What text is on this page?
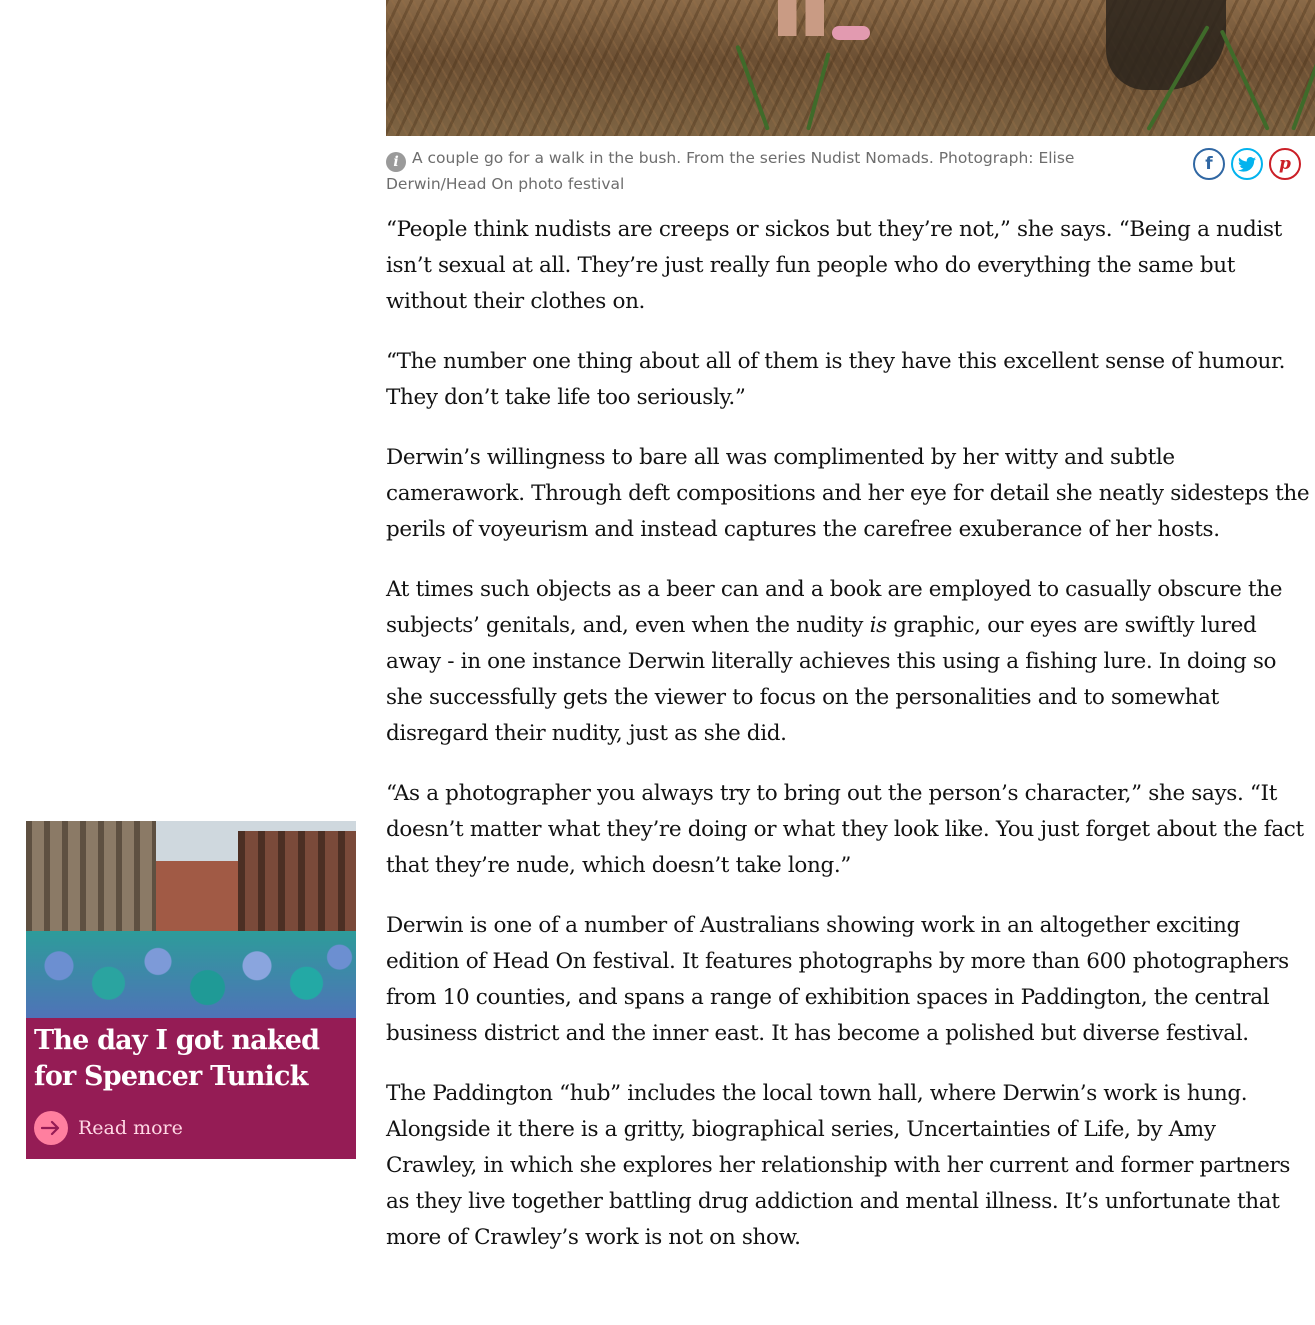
i A couple go for a walk in the bush. From the series Nudist Nomads. Photograph: Elise Derwin/Head On photo festival
f	p

“People think nudists are creeps or sickos but they’re not,” she says. “Being a nudist isn’t sexual at all. They’re just really fun people who do everything the same but without their clothes on.

“The number one thing about all of them is they have this excellent sense of humour. They don’t take life too seriously.”

Derwin’s willingness to bare all was complimented by her witty and subtle camerawork. Through deft compositions and her eye for detail she neatly sidesteps the perils of voyeurism and instead captures the carefree exuberance of her hosts.

At times such objects as a beer can and a book are employed to casually obscure the subjects’ genitals, and, even when the nudity is graphic, our eyes are swiftly lured away - in one instance Derwin literally achieves this using a fishing lure. In doing so she successfully gets the viewer to focus on the personalities and to somewhat disregard their nudity, just as she did.

“As a photographer you always try to bring out the person’s character,” she says. “It doesn’t matter what they’re doing or what they look like. You just forget about the fact that they’re nude, which doesn’t take long.”

Derwin is one of a number of Australians showing work in an altogether exciting edition of Head On festival. It features photographs by more than 600 photographers from 10 counties, and spans a range of exhibition spaces in Paddington, the central business district and the inner east. It has become a polished but diverse festival.

The Paddington “hub” includes the local town hall, where Derwin’s work is hung. Alongside it there is a gritty, biographical series, Uncertainties of Life, by Amy Crawley, in which she explores her relationship with her current and former partners as they live together battling drug addiction and mental illness. It’s unfortunate that more of Crawley’s work is not on show.

The day I got naked for Spencer Tunick
Read more
